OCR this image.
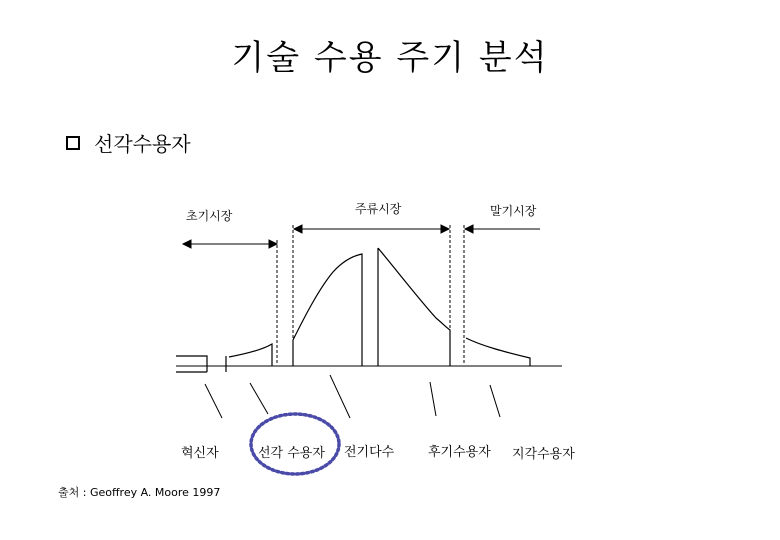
기술 수용 주기 분석
선각수용자
초기시장	주류시장	말기시장
혁신자	선각 수용자 전기다수	후기수용자 지각수용자
출처 : Geoffrey A. Moore 1997
